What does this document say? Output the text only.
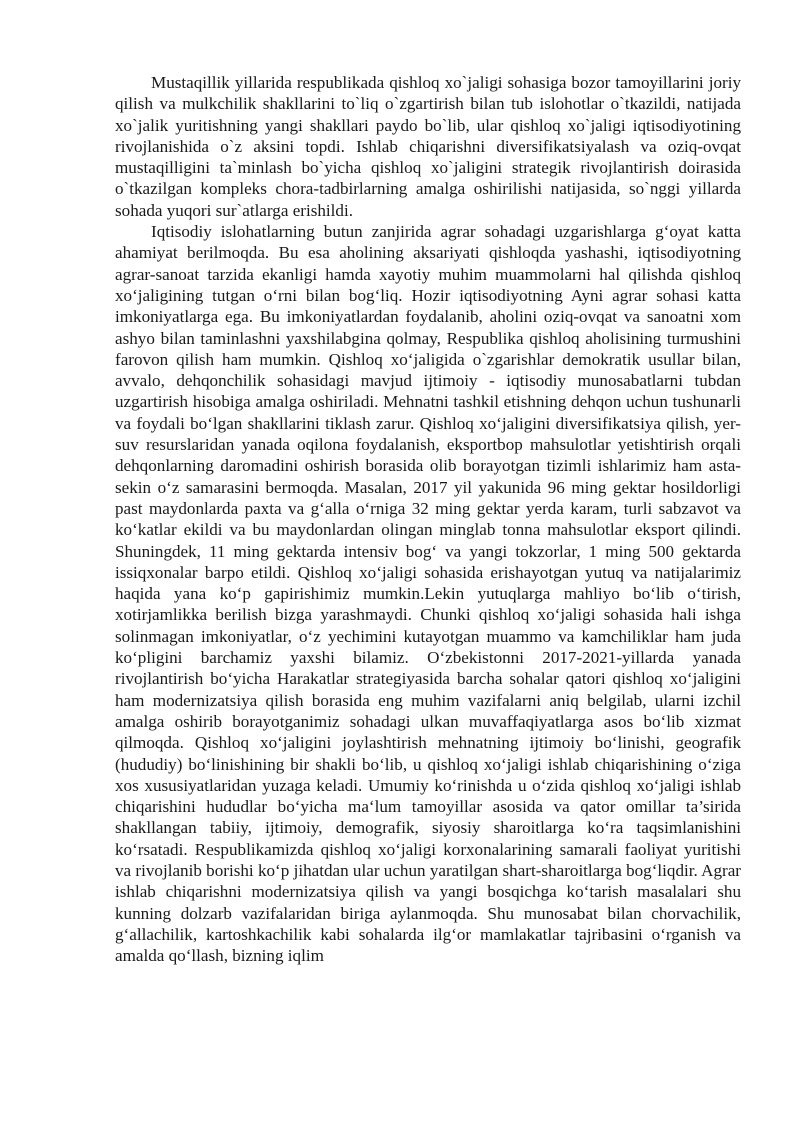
Mustaqillik yillarida respublikada qishloq xo`jaligi sohasiga bozor tamoyillarini joriy qilish va mulkchilik shakllarini to`liq o`zgartirish bilan tub islohotlar o`tkazildi, natijada xo`jalik yuritishning yangi shakllari paydo bo`lib, ular qishloq xo`jaligi iqtisodiyotining rivojlanishida o`z aksini topdi. Ishlab chiqarishni diversifikatsiyalash va oziq-ovqat mustaqilligini ta`minlash bo`yicha qishloq xo`jaligini strategik rivojlantirish doirasida o`tkazilgan kompleks chora-tadbirlarning amalga oshirilishi natijasida, so`nggi yillarda sohada yuqori sur`atlarga erishildi.

Iqtisodiy islohatlarning butun zanjirida agrar sohadagi uzgarishlarga g‘oyat katta ahamiyat berilmoqda. Bu esa aholining aksariyati qishloqda yashashi, iqtisodiyotning agrar-sanoat tarzida ekanligi hamda xayotiy muhim muammolarni hal qilishda qishloq xo‘jaligining tutgan o‘rni bilan bog‘liq. Hozir iqtisodiyotning Ayni agrar sohasi katta imkoniyatlarga ega. Bu imkoniyatlardan foydalanib, aholini oziq-ovqat va sanoatni xom ashyo bilan taminlashni yaxshilabgina qolmay, Respublika qishloq aholisining turmushini farovon qilish ham mumkin. Qishloq xo‘jaligida o`zgarishlar demokratik usullar bilan, avvalo, dehqonchilik sohasidagi mavjud ijtimoiy - iqtisodiy munosabatlarni tubdan uzgartirish hisobiga amalga oshiriladi. Mehnatni tashkil etishning dehqon uchun tushunarli va foydali bo‘lgan shakllarini tiklash zarur. Qishloq xo‘jaligini diversifikatsiya qilish, yer-suv resurslaridan yanada oqilona foydalanish, eksportbop mahsulotlar yetishtirish orqali dehqonlarning daromadini oshirish borasida olib borayotgan tizimli ishlarimiz ham asta-sekin o‘z samarasini bermoqda. Masalan, 2017 yil yakunida 96 ming gektar hosildorligi past maydonlarda paxta va g‘alla o‘rniga 32 ming gektar yerda karam, turli sabzavot va ko‘katlar ekildi va bu maydonlardan olingan minglab tonna mahsulotlar eksport qilindi. Shuningdek, 11 ming gektarda intensiv bog‘ va yangi tokzorlar, 1 ming 500 gektarda issiqxonalar barpo etildi. Qishloq xo‘jaligi sohasida erishayotgan yutuq va natijalarimiz haqida yana ko‘p gapirishimiz mumkin.Lekin yutuqlarga mahliyo bo‘lib o‘tirish, xotirjamlikka berilish bizga yarashmaydi. Chunki qishloq xo‘jaligi sohasida hali ishga solinmagan imkoniyatlar, o‘z yechimini kutayotgan muammo va kamchiliklar ham juda ko‘pligini barchamiz yaxshi bilamiz. O‘zbekistonni 2017-2021-yillarda yanada rivojlantirish bo‘yicha Harakatlar strategiyasida barcha sohalar qatori qishloq xo‘jaligini ham modernizatsiya qilish borasida eng muhim vazifalarni aniq belgilab, ularni izchil amalga oshirib borayotganimiz sohadagi ulkan muvaffaqiyatlarga asos bo‘lib xizmat qilmoqda. Qishloq xo‘jaligini joylashtirish mehnatning ijtimoiy bo‘linishi, geografik (hududiy) bo‘linishining bir shakli bo‘lib, u qishloq xo‘jaligi ishlab chiqarishining o‘ziga xos xususiyatlaridan yuzaga keladi. Umumiy ko‘rinishda u o‘zida qishloq xo‘jaligi ishlab chiqarishini hududlar bo‘yicha ma‘lum tamoyillar asosida va qator omillar ta’sirida shakllangan tabiiy, ijtimoiy, demografik, siyosiy sharoitlarga ko‘ra taqsimlanishini ko‘rsatadi. Respublikamizda qishloq xo‘jaligi korxonalarining samarali faoliyat yuritishi va rivojlanib borishi ko‘p jihatdan ular uchun yaratilgan shart-sharoitlarga bog‘liqdir. Agrar ishlab chiqarishni modernizatsiya qilish va yangi bosqichga ko‘tarish masalalari shu kunning dolzarb vazifalaridan biriga aylanmoqda. Shu munosabat bilan chorvachilik, g‘allachilik, kartoshkachilik kabi sohalarda ilg‘or mamlakatlar tajribasini o‘rganish va amalda qo‘llash, bizning iqlim
